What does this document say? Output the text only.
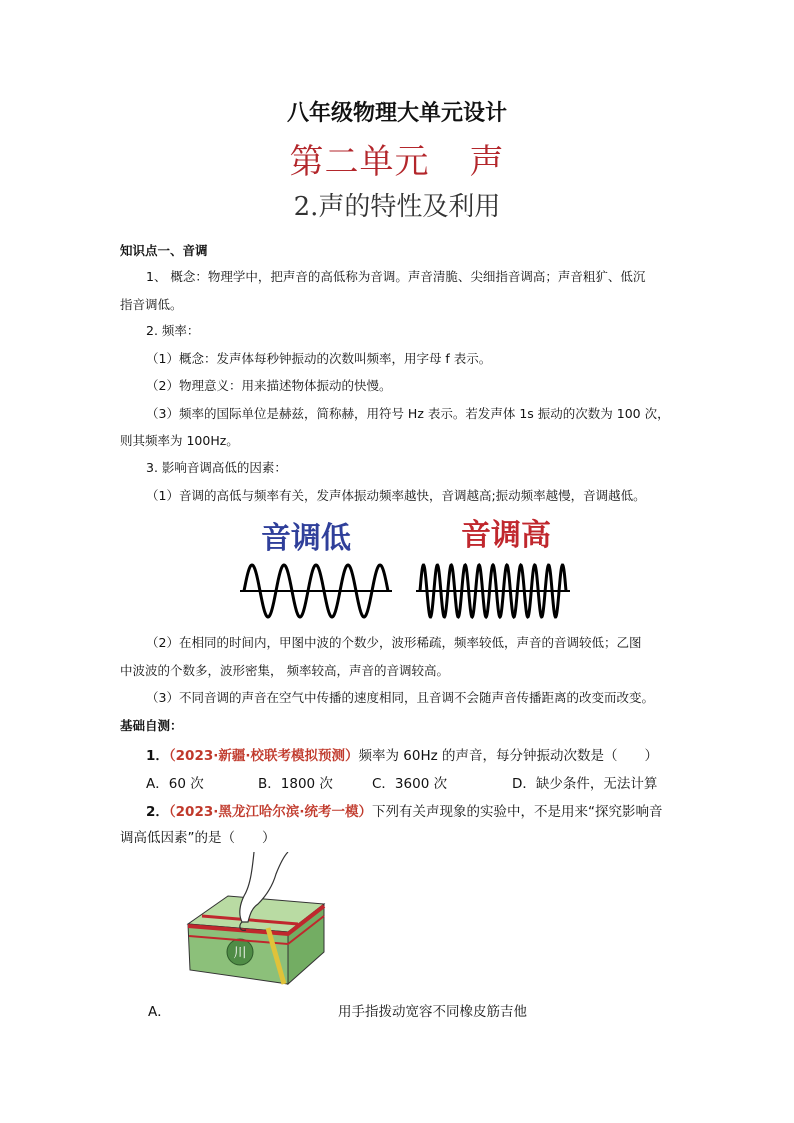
八年级物理大单元设计
第二单元 声
2.声的特性及利用
知识点一、音调
1、 概念：物理学中，把声音的高低称为音调。声音清脆、尖细指音调高；声音粗犷、低沉
指音调低。
2. 频率：
（1）概念：发声体每秒钟振动的次数叫频率，用字母 f 表示。
（2）物理意义：用来描述物体振动的快慢。
（3）频率的国际单位是赫兹，简称赫，用符号 Hz 表示。若发声体 1s 振动的次数为 100 次，
则其频率为 100Hz。
3. 影响音调高低的因素：
（1）音调的高低与频率有关，发声体振动频率越快，音调越高;振动频率越慢，音调越低。
音调低	音调高
（2）在相同的时间内，甲图中波的个数少，波形稀疏，频率较低，声音的音调较低；乙图
中波波的个数多，波形密集， 频率较高，声音的音调较高。
（3）不同音调的声音在空气中传播的速度相同，且音调不会随声音传播距离的改变而改变。
基础自测：
1．（2023·新疆·校联考模拟预测）频率为 60Hz 的声音，每分钟振动次数是（　　）
A．60 次	B．1800 次	C．3600 次	D．缺少条件，无法计算
2．（2023·黑龙江哈尔滨·统考一模）下列有关声现象的实验中，不是用来“探究影响音
调高低因素”的是（　　）
川
A．	用手指拨动宽容不同橡皮筋吉他
